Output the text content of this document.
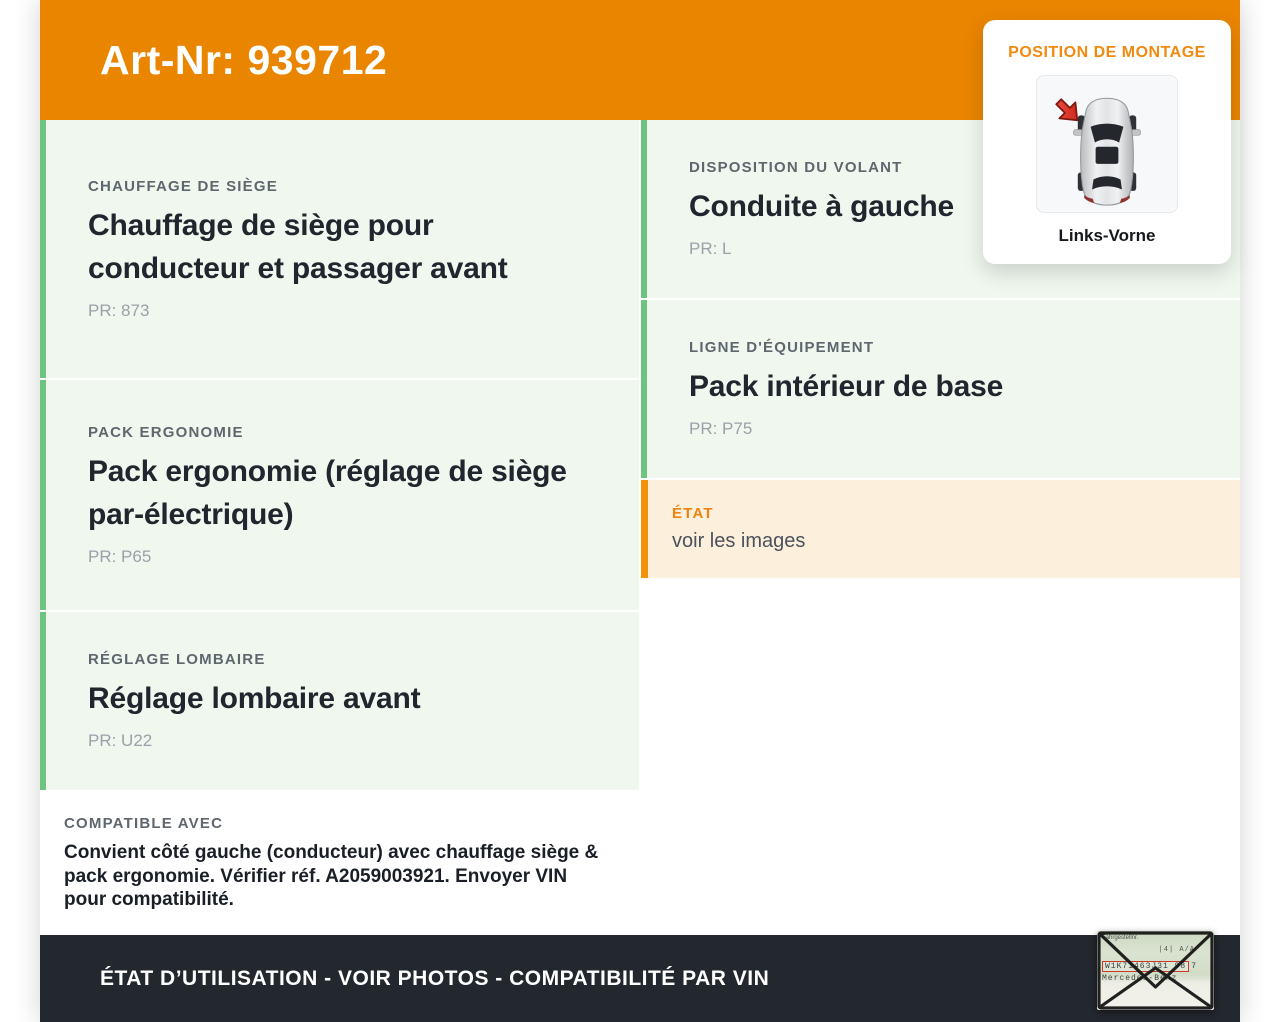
Art-Nr: 939712
CHAUFFAGE DE SIÈGE
Chauffage de siège pour conducteur et passager avant
PR: 873
PACK ERGONOMIE
Pack ergonomie (réglage de siège par-électrique)
PR: P65
RÉGLAGE LOMBAIRE
Réglage lombaire avant
PR: U22
COMPATIBLE AVEC
Convient côté gauche (conducteur) avec chauffage siège & pack ergonomie. Vérifier réf. A2059003921. Envoyer VIN pour compatibilité.
DISPOSITION DU VOLANT
Conduite à gauche
PR: L
LIGNE D'ÉQUIPEMENT
Pack intérieur de base
PR: P75
ÉTAT
voir les images
POSITION DE MONTAGE
Links-Vorne
ÉTAT D’UTILISATION - VOIR PHOTOS - COMPATIBILITÉ PAR VIN
Fahrgestellnr.
|4| A/A
W1K71463J31 98 7
Mercedes-Benz
